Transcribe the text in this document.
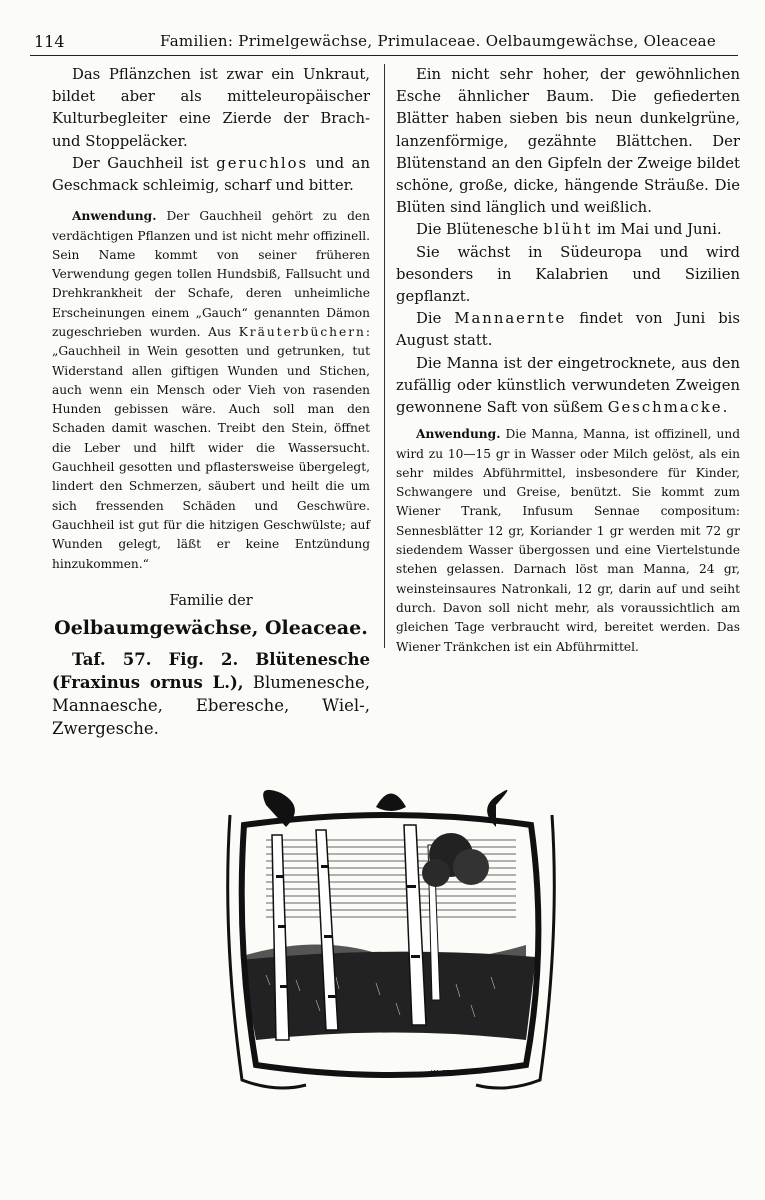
114	Familien: Primelgewächse, Primulaceae. Oelbaumgewächse, Oleaceae

Das Pflänzchen ist zwar ein Unkraut, bildet aber als mitteleuropäischer Kulturbegleiter eine Zierde der Brach- und Stoppeläcker.

Der Gauchheil ist geruchlos und an Geschmack schleimig, scharf und bitter.

Anwendung. Der Gauchheil gehört zu den verdächtigen Pflanzen und ist nicht mehr offizinell. Sein Name kommt von seiner früheren Verwendung gegen tollen Hundsbiß, Fallsucht und Drehkrankheit der Schafe, deren unheimliche Erscheinungen einem „Gauch“ genannten Dämon zugeschrieben wurden. Aus Kräuterbüchern: „Gauchheil in Wein gesotten und getrunken, tut Widerstand allen giftigen Wunden und Stichen, auch wenn ein Mensch oder Vieh von rasenden Hunden gebissen wäre. Auch soll man den Schaden damit waschen. Treibt den Stein, öffnet die Leber und hilft wider die Wassersucht. Gauchheil gesotten und pflastersweise übergelegt, lindert den Schmerzen, säubert und heilt die um sich fressenden Schäden und Geschwüre. Gauchheil ist gut für die hitzigen Geschwülste; auf Wunden gelegt, läßt er keine Entzündung hinzukommen.“

Familie der
Oelbaumgewächse, Oleaceae.

Taf. 57. Fig. 2. Blütenesche (Fraxinus ornus L.), Blumenesche, Mannaesche, Eberesche, Wiel-, Zwergesche.

Ein nicht sehr hoher, der gewöhnlichen Esche ähnlicher Baum. Die gefiederten Blätter haben sieben bis neun dunkelgrüne, lanzenförmige, gezähnte Blättchen. Der Blütenstand an den Gipfeln der Zweige bildet schöne, große, dicke, hängende Sträuße. Die Blüten sind länglich und weißlich.

Die Blütenesche blüht im Mai und Juni.

Sie wächst in Südeuropa und wird besonders in Kalabrien und Sizilien gepflanzt.

Die Mannaernte findet von Juni bis August statt.

Die Manna ist der eingetrocknete, aus den zufällig oder künstlich verwundeten Zweigen gewonnene Saft von süßem Geschmacke.

Anwendung. Die Manna, Manna, ist offizinell, und wird zu 10—15 gr in Wasser oder Milch gelöst, als ein sehr mildes Abführmittel, insbesondere für Kinder, Schwangere und Greise, benützt. Sie kommt zum Wiener Trank, Infusum Sennae compositum: Sennesblätter 12 gr, Koriander 1 gr werden mit 72 gr siedendem Wasser übergossen und eine Viertelstunde stehen gelassen. Darnach löst man Manna, 24 gr, weinsteinsaures Natronkali, 12 gr, darin auf und seiht durch. Davon soll nicht mehr, als voraussichtlich am gleichen Tage verbraucht wird, bereitet werden. Das Wiener Tränkchen ist ein Abführmittel.

W. STRICH
